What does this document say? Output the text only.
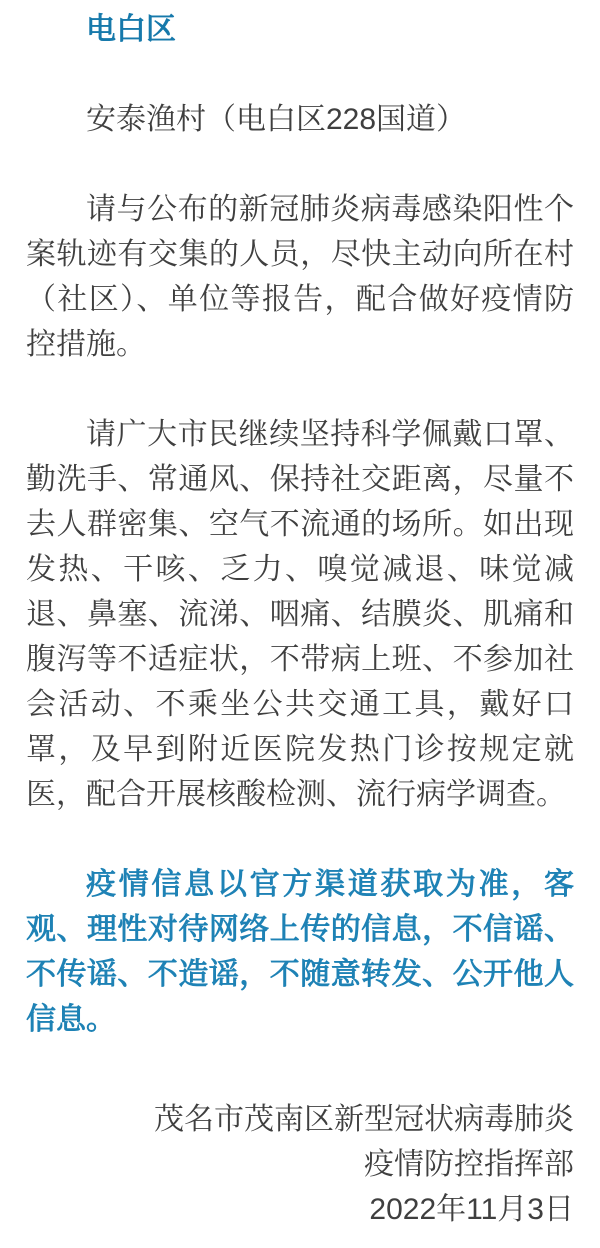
电白区

安泰渔村（电白区228国道）

请与公布的新冠肺炎病毒感染阳性个案轨迹有交集的人员，尽快主动向所在村（社区）、单位等报告，配合做好疫情防控措施。

请广大市民继续坚持科学佩戴口罩、勤洗手、常通风、保持社交距离，尽量不去人群密集、空气不流通的场所。如出现发热、干咳、乏力、嗅觉减退、味觉减退、鼻塞、流涕、咽痛、结膜炎、肌痛和腹泻等不适症状，不带病上班、不参加社会活动、不乘坐公共交通工具，戴好口罩，及早到附近医院发热门诊按规定就医，配合开展核酸检测、流行病学调查。

疫情信息以官方渠道获取为准，客观、理性对待网络上传的信息，不信谣、不传谣、不造谣，不随意转发、公开他人信息。

茂名市茂南区新型冠状病毒肺炎
疫情防控指挥部
2022年11月3日
